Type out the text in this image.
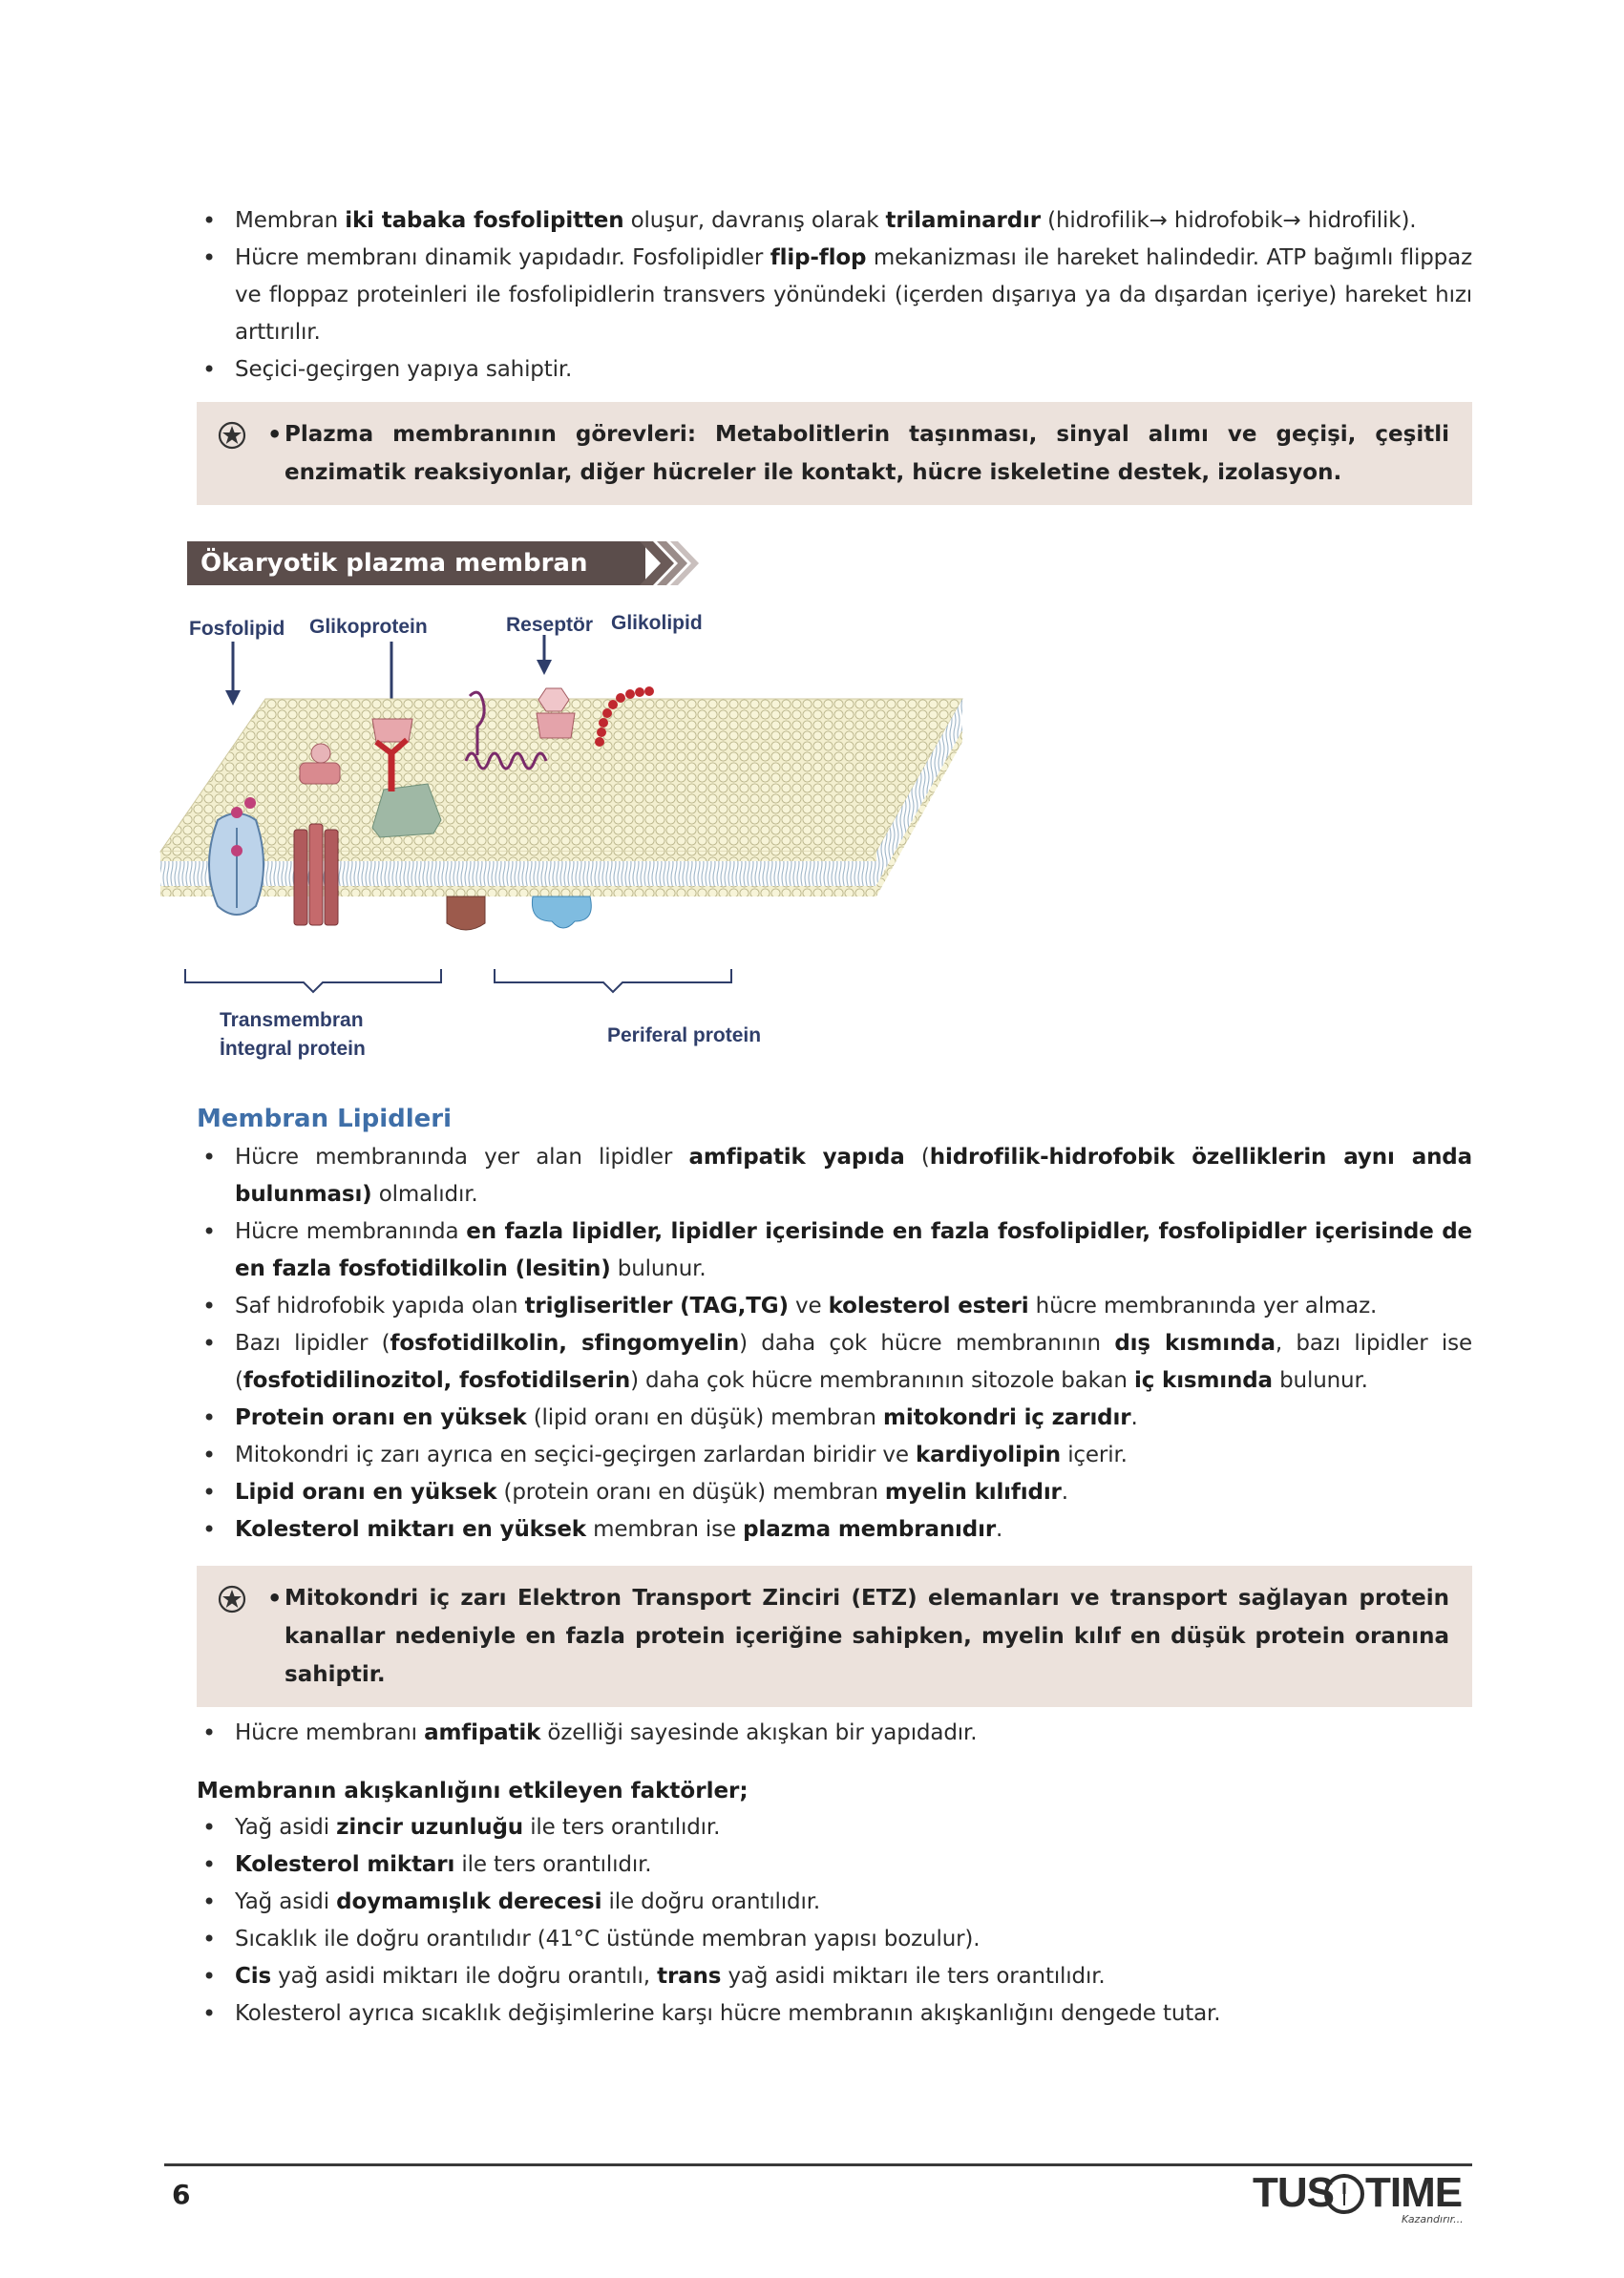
• Membran iki tabaka fosfolipitten oluşur, davranış olarak trilaminardır (hidrofilik→ hidrofobik→ hidrofilik).
• Hücre membranı dinamik yapıdadır. Fosfolipidler flip-flop mekanizması ile hareket halindedir. ATP bağımlı flippaz ve floppaz proteinleri ile fosfolipidlerin transvers yönündeki (içerden dışarıya ya da dışardan içeriye) hareket hızı arttırılır.
• Seçici-geçirgen yapıya sahiptir.
• Plazma membranının görevleri: Metabolitlerin taşınması, sinyal alımı ve geçişi, çeşitli enzimatik reaksiyonlar, diğer hücreler ile kontakt, hücre iskeletine destek, izolasyon.
Ökaryotik plazma membran yapısı
Fosfolipid Glikoprotein	Reseptör Glikolipid
Transmembran
İntegral protein
Periferal protein
Membran Lipidleri
• Hücre membranında yer alan lipidler amfipatik yapıda (hidrofilik-hidrofobik özelliklerin aynı anda bulunması) olmalıdır.
• Hücre membranında en fazla lipidler, lipidler içerisinde en fazla fosfolipidler, fosfolipidler içerisinde de en fazla fosfotidilkolin (lesitin) bulunur.
• Saf hidrofobik yapıda olan trigliseritler (TAG,TG) ve kolesterol esteri hücre membranında yer almaz.
• Bazı lipidler (fosfotidilkolin, sfingomyelin) daha çok hücre membranının dış kısmında, bazı lipidler ise (fosfotidilinozitol, fosfotidilserin) daha çok hücre membranının sitozole bakan iç kısmında bulunur.
• Protein oranı en yüksek (lipid oranı en düşük) membran mitokondri iç zarıdır.
• Mitokondri iç zarı ayrıca en seçici-geçirgen zarlardan biridir ve kardiyolipin içerir.
• Lipid oranı en yüksek (protein oranı en düşük) membran myelin kılıfıdır.
• Kolesterol miktarı en yüksek membran ise plazma membranıdır.
• Mitokondri iç zarı Elektron Transport Zinciri (ETZ) elemanları ve transport sağlayan protein kanallar nedeniyle en fazla protein içeriğine sahipken, myelin kılıf en düşük protein oranına sahiptir.
• Hücre membranı amfipatik özelliği sayesinde akışkan bir yapıdadır.
Membranın akışkanlığını etkileyen faktörler;
• Yağ asidi zincir uzunluğu ile ters orantılıdır.
• Kolesterol miktarı ile ters orantılıdır.
• Yağ asidi doymamışlık derecesi ile doğru orantılıdır.
• Sıcaklık ile doğru orantılıdır (41°C üstünde membran yapısı bozulur).
• Cis yağ asidi miktarı ile doğru orantılı, trans yağ asidi miktarı ile ters orantılıdır.
• Kolesterol ayrıca sıcaklık değişimlerine karşı hücre membranın akışkanlığını dengede tutar.
6	TUS TIME
Kazandırır...
